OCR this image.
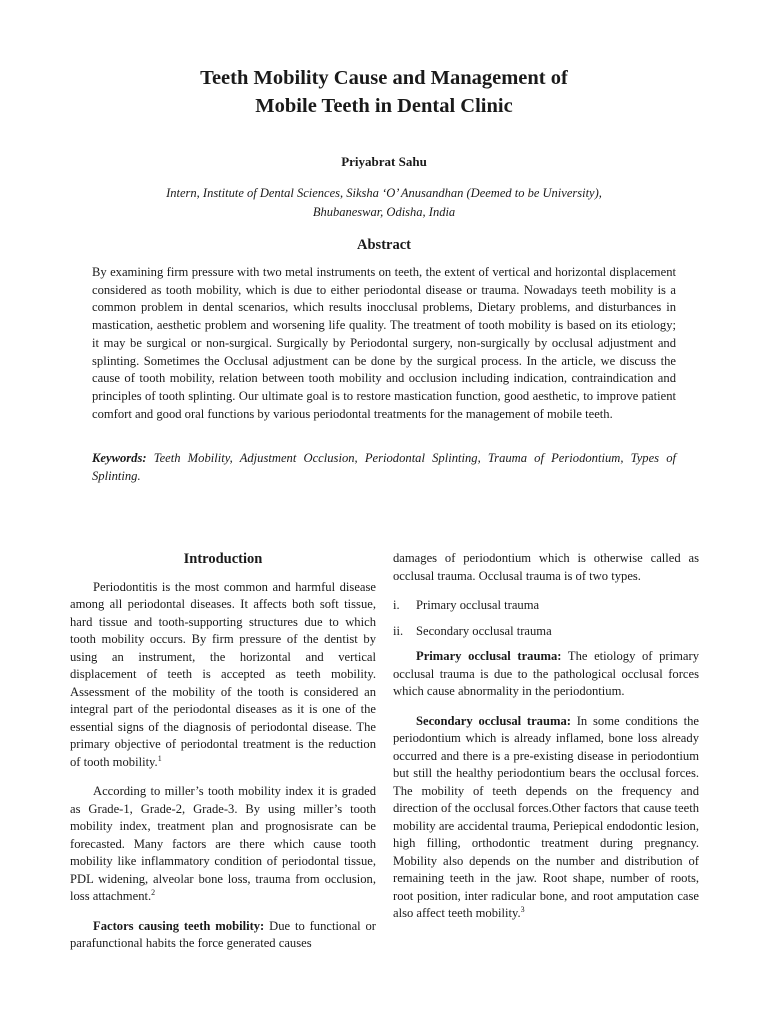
Teeth Mobility Cause and Management of
Mobile Teeth in Dental Clinic
Priyabrat Sahu
Intern, Institute of Dental Sciences, Siksha ‘O’ Anusandhan (Deemed to be University),
Bhubaneswar, Odisha, India
Abstract
By examining firm pressure with two metal instruments on teeth, the extent of vertical and horizontal displacement considered as tooth mobility, which is due to either periodontal disease or trauma. Nowadays teeth mobility is a common problem in dental scenarios, which results inocclusal problems, Dietary problems, and disturbances in mastication, aesthetic problem and worsening life quality. The treatment of tooth mobility is based on its etiology; it may be surgical or non-surgical. Surgically by Periodontal surgery, non-surgically by occlusal adjustment and splinting. Sometimes the Occlusal adjustment can be done by the surgical process. In the article, we discuss the cause of tooth mobility, relation between tooth mobility and occlusion including indication, contraindication and principles of tooth splinting. Our ultimate goal is to restore mastication function, good aesthetic, to improve patient comfort and good oral functions by various periodontal treatments for the management of mobile teeth.
Keywords: Teeth Mobility, Adjustment Occlusion, Periodontal Splinting, Trauma of Periodontium, Types of Splinting.
Introduction

Periodontitis is the most common and harmful disease among all periodontal diseases. It affects both soft tissue, hard tissue and tooth-supporting structures due to which tooth mobility occurs. By firm pressure of the dentist by using an instrument, the horizontal and vertical displacement of teeth is accepted as teeth mobility. Assessment of the mobility of the tooth is considered an integral part of the periodontal diseases as it is one of the essential signs of the diagnosis of periodontal disease. The primary objective of periodontal treatment is the reduction of tooth mobility.$^1$

According to miller’s tooth mobility index it is graded as Grade-1, Grade-2, Grade-3. By using miller’s tooth mobility index, treatment plan and prognosisrate can be forecasted. Many factors are there which cause tooth mobility like inflammatory condition of periodontal tissue, PDL widening, alveolar bone loss, trauma from occlusion, loss attachment.$^2$

Factors causing teeth mobility: Due to functional or parafunctional habits the force generated causes

damages of periodontium which is otherwise called as occlusal trauma. Occlusal trauma is of two types.

i.	Primary occlusal trauma
ii.	Secondary occlusal trauma

Primary occlusal trauma: The etiology of primary occlusal trauma is due to the pathological occlusal forces which cause abnormality in the periodontium.

Secondary occlusal trauma: In some conditions the periodontium which is already inflamed, bone loss already occurred and there is a pre-existing disease in periodontium but still the healthy periodontium bears the occlusal forces. The mobility of teeth depends on the frequency and direction of the occlusal forces.Other factors that cause teeth mobility are accidental trauma, Periepical endodontic lesion, high filling, orthodontic treatment during pregnancy. Mobility also depends on the number and distribution of remaining teeth in the jaw. Root shape, number of roots, root position, inter radicular bone, and root amputation case also affect teeth mobility.$^3$
